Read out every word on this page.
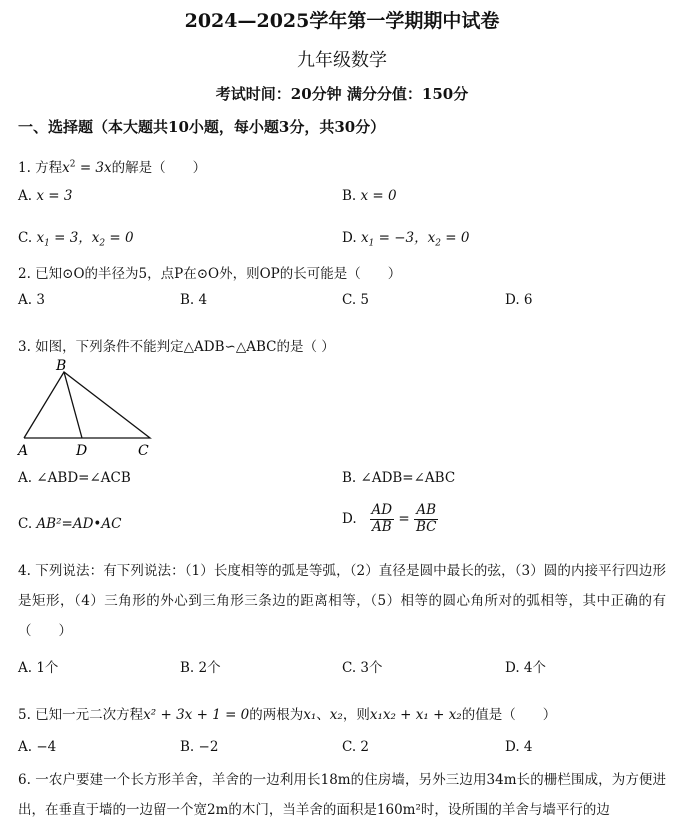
2024—2025学年第一学期期中试卷
九年级数学
考试时间：20分钟 满分分值：150分
一、选择题（本大题共10小题，每小题3分，共30分）
1. 方程$x^2 = 3x$的解是（　　）
A. x = 3	B. x = 0
C. $x_1 = 3$，$x_2 = 0$	D. $x_1 = -3$，$x_2 = 0$
2. 已知⊙O的半径为5，点P在⊙O外，则OP的长可能是（　　）
A. 3	B. 4	C. 5	D. 6
3. 如图，下列条件不能判定△ADB∽△ABC的是（ ）
B
A	D	C
A. ∠ABD=∠ACB	B. ∠ADB=∠ABC
C. AB²=AD•AC	D. $\frac{AD}{AB} = \frac{AB}{BC}$
4. 下列说法：有下列说法：（1）长度相等的弧是等弧，（2）直径是圆中最长的弦，（3）圆的内接平行四边形是矩形，（4）三角形的外心到三角形三条边的距离相等，（5）相等的圆心角所对的弧相等，其中正确的有（　　）
A. 1个	B. 2个	C. 3个	D. 4个
5. 已知一元二次方程x² + 3x + 1 = 0的两根为x₁、x₂，则x₁x₂ + x₁ + x₂的值是（　　）
A. −4	B. −2	C. 2	D. 4
6. 一农户要建一个长方形羊舍，羊舍的一边利用长18m的住房墙，另外三边用34m长的栅栏围成，为方便进出，在垂直于墙的一边留一个宽2m的木门，当羊舍的面积是160m²时，设所围的羊舍与墙平行的边
